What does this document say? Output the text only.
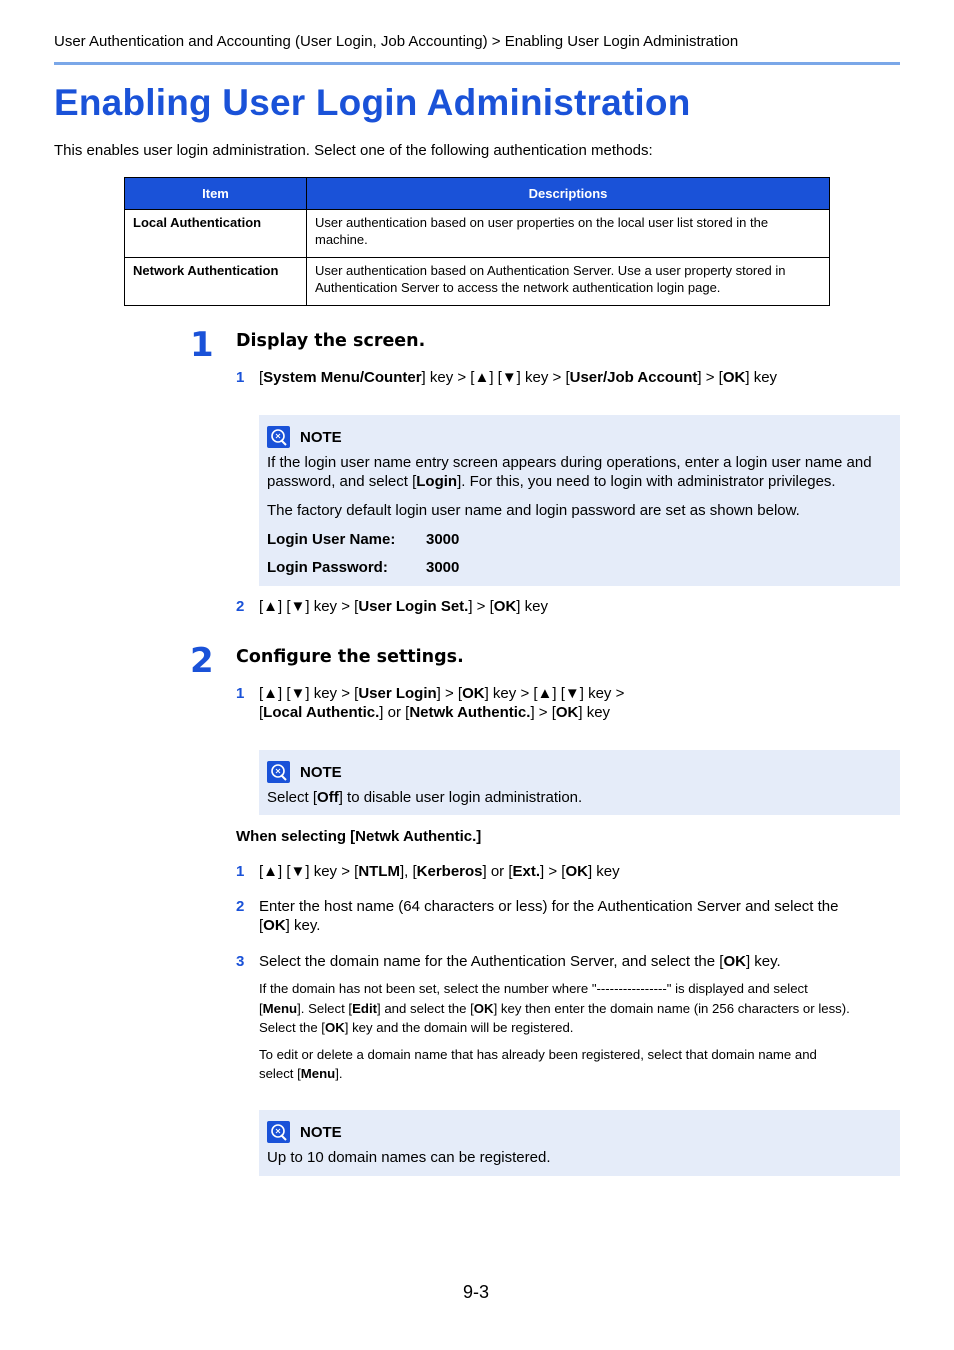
User Authentication and Accounting (User Login, Job Accounting) > Enabling User Login Administration
Enabling User Login Administration
This enables user login administration. Select one of the following authentication methods:
Item	Descriptions
Local Authentication	User authentication based on user properties on the local user list stored in the machine.
Network Authentication	User authentication based on Authentication Server. Use a user property stored in Authentication Server to access the network authentication login page.
1 Display the screen.
1 [System Menu/Counter] key > [▲] [▼] key > [User/Job Account] > [OK] key
NOTE
If the login user name entry screen appears during operations, enter a login user name and password, and select [Login]. For this, you need to login with administrator privileges.
The factory default login user name and login password are set as shown below.
Login User Name: 3000
Login Password:	3000
2 [▲] [▼] key > [User Login Set.] > [OK] key
2 Configure the settings.
1 [▲] [▼] key > [User Login] > [OK] key > [▲] [▼] key >
[Local Authentic.] or [Netwk Authentic.] > [OK] key
NOTE
Select [Off] to disable user login administration.
When selecting [Netwk Authentic.]
1 [▲] [▼] key > [NTLM], [Kerberos] or [Ext.] > [OK] key
2 Enter the host name (64 characters or less) for the Authentication Server and select the
[OK] key.
3 Select the domain name for the Authentication Server, and select the [OK] key.
If the domain has not been set, select the number where "----------------" is displayed and select
[Menu]. Select [Edit] and select the [OK] key then enter the domain name (in 256 characters or less).
Select the [OK] key and the domain will be registered.
To edit or delete a domain name that has already been registered, select that domain name and
select [Menu].
NOTE
Up to 10 domain names can be registered.
9-3
